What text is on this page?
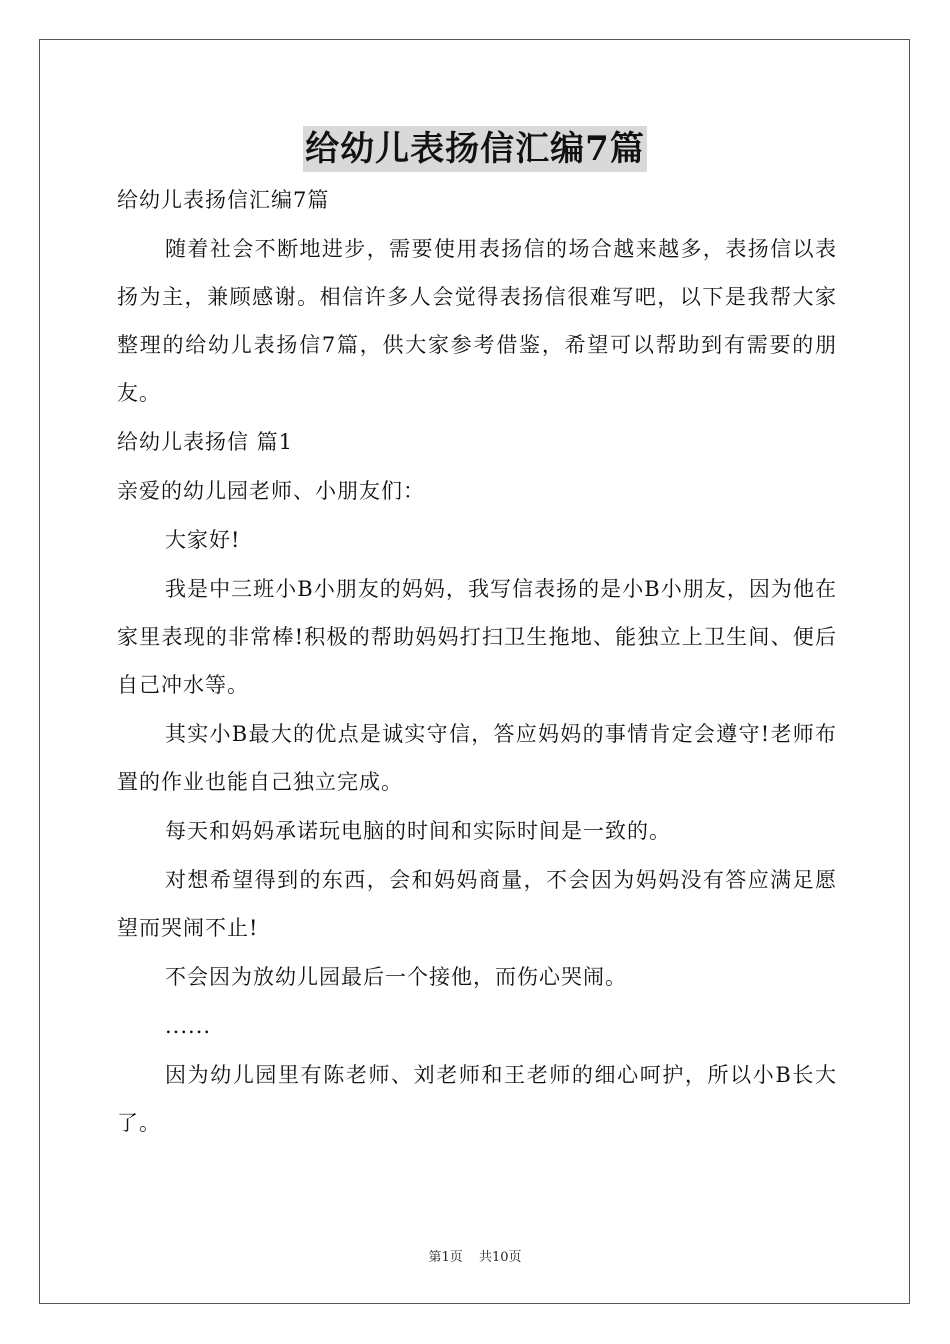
给幼儿表扬信汇编7篇

给幼儿表扬信汇编7篇

随着社会不断地进步，需要使用表扬信的场合越来越多，表扬信以表扬为主，兼顾感谢。相信许多人会觉得表扬信很难写吧，以下是我帮大家整理的给幼儿表扬信7篇，供大家参考借鉴，希望可以帮助到有需要的朋友。

给幼儿表扬信 篇1

亲爱的幼儿园老师、小朋友们：

大家好!

我是中三班小B小朋友的妈妈，我写信表扬的是小B小朋友，因为他在家里表现的非常棒!积极的帮助妈妈打扫卫生拖地、能独立上卫生间、便后自己冲水等。

其实小B最大的优点是诚实守信，答应妈妈的事情肯定会遵守!老师布置的作业也能自己独立完成。

每天和妈妈承诺玩电脑的时间和实际时间是一致的。

对想希望得到的东西，会和妈妈商量，不会因为妈妈没有答应满足愿望而哭闹不止!

不会因为放幼儿园最后一个接他，而伤心哭闹。

......

因为幼儿园里有陈老师、刘老师和王老师的细心呵护，所以小B长大了。

第1页 共10页
